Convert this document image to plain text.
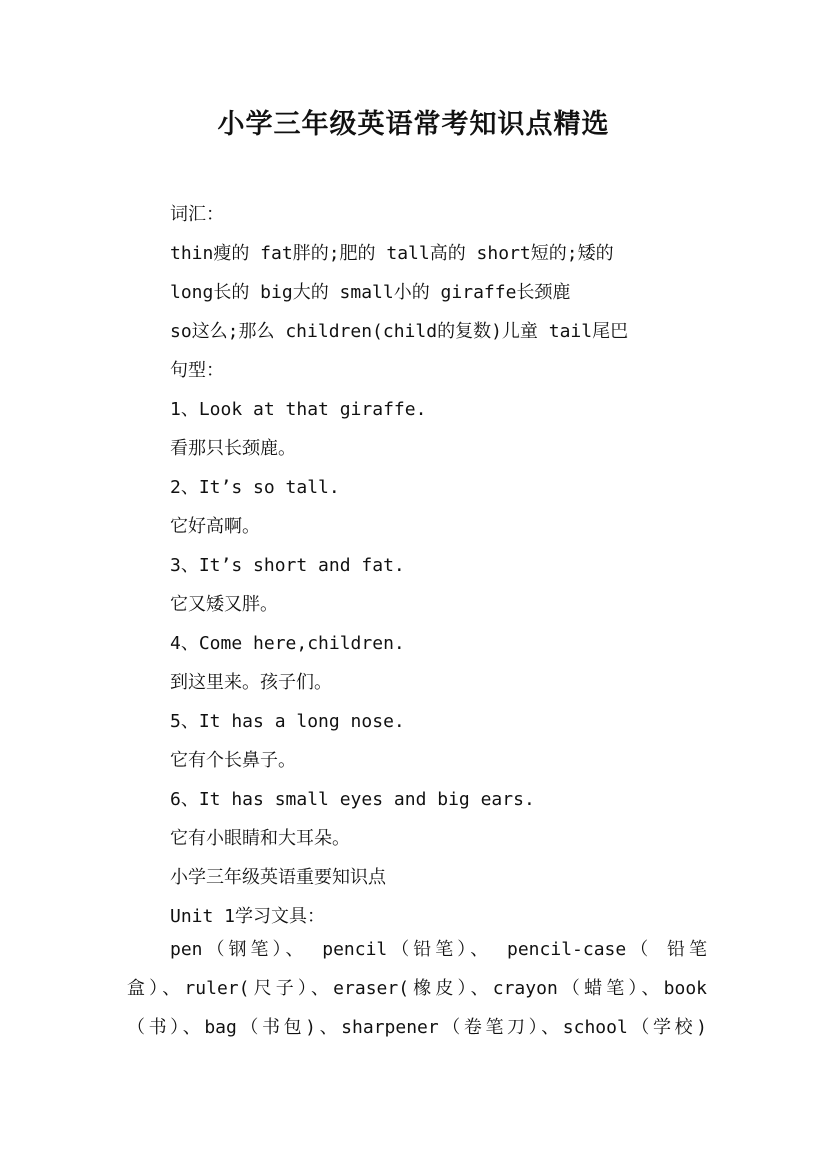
小学三年级英语常考知识点精选

词汇：

thin瘦的 fat胖的;肥的 tall高的 short短的;矮的

long长的 big大的 small小的 giraffe长颈鹿

so这么;那么 children(child的复数)儿童 tail尾巴

句型：

1、Look at that giraffe.

看那只长颈鹿。

2、It’s so tall.

它好高啊。

3、It’s short and fat.

它又矮又胖。

4、Come here,children.

到这里来。孩子们。

5、It has a long nose.

它有个长鼻子。

6、It has small eyes and big ears.

它有小眼睛和大耳朵。

小学三年级英语重要知识点

Unit 1学习文具：

pen（钢笔）、 pencil（铅笔）、 pencil-case（ 铅笔

盒）、ruler(尺子）、eraser(橡皮）、crayon（蜡笔）、book

（书）、bag（书包)、sharpener（卷笔刀）、school（学校)
